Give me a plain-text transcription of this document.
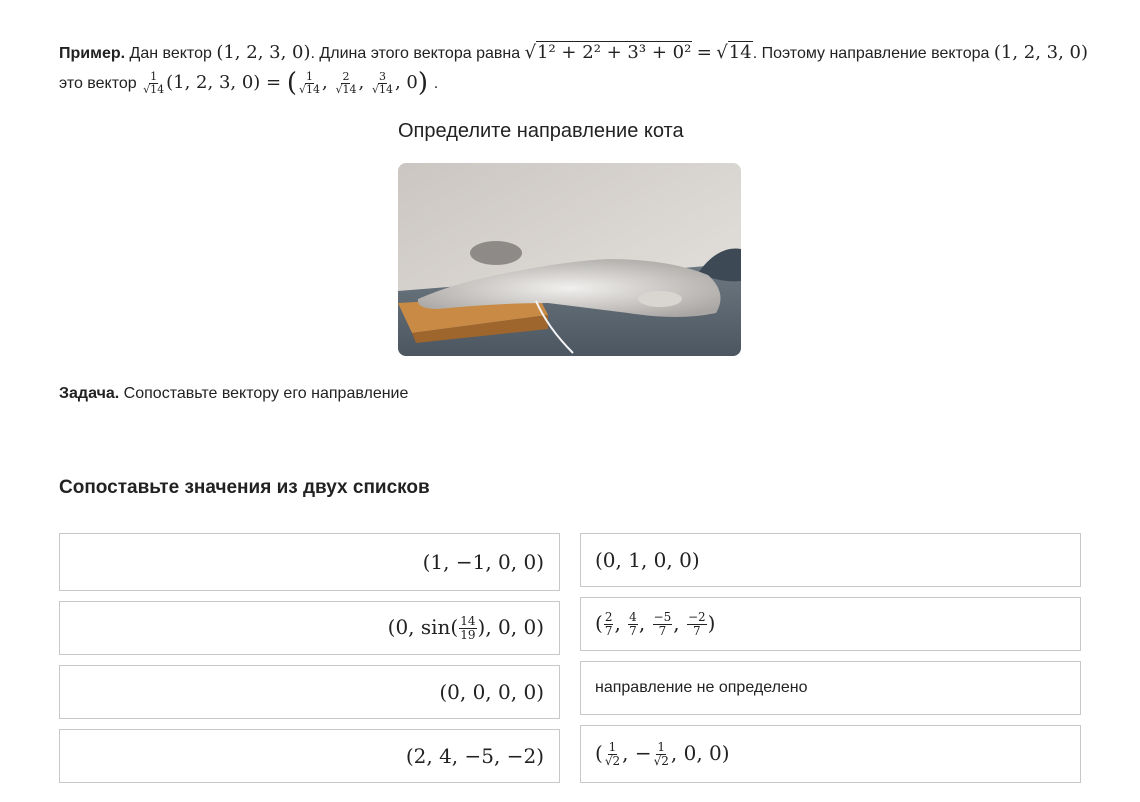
Пример. Дан вектор (1, 2, 3, 0). Длина этого вектора равна √1² + 2² + 3³ + 0² = √14. Поэтому направление вектора (1, 2, 3, 0)
это вектор $\frac{1}{√14} (1$, 2, 3, 0) = ( $\frac{1}{√14}$ , $\frac{2}{√14}$ , $\frac{3}{√14}$ , 0) .
Определите направление кота
Задача. Сопоставьте вектору его направление
Сопоставьте значения из двух списков
(1, −1, 0, 0)
(0, $\sin( \frac{14}{19}$ ), 0, 0)
(0, 0, 0, 0)
(2, 4, −5, −2)
(0, 1, 0, 0)
( $\frac{2}{7}$ , $\frac{4}{7}$ , $\frac{-5}{7}$ , $\frac{-2}{7}$ )
направление не определено
( $\frac{1}{√2}$ , − $\frac{1}{√2}$ , 0, 0)
